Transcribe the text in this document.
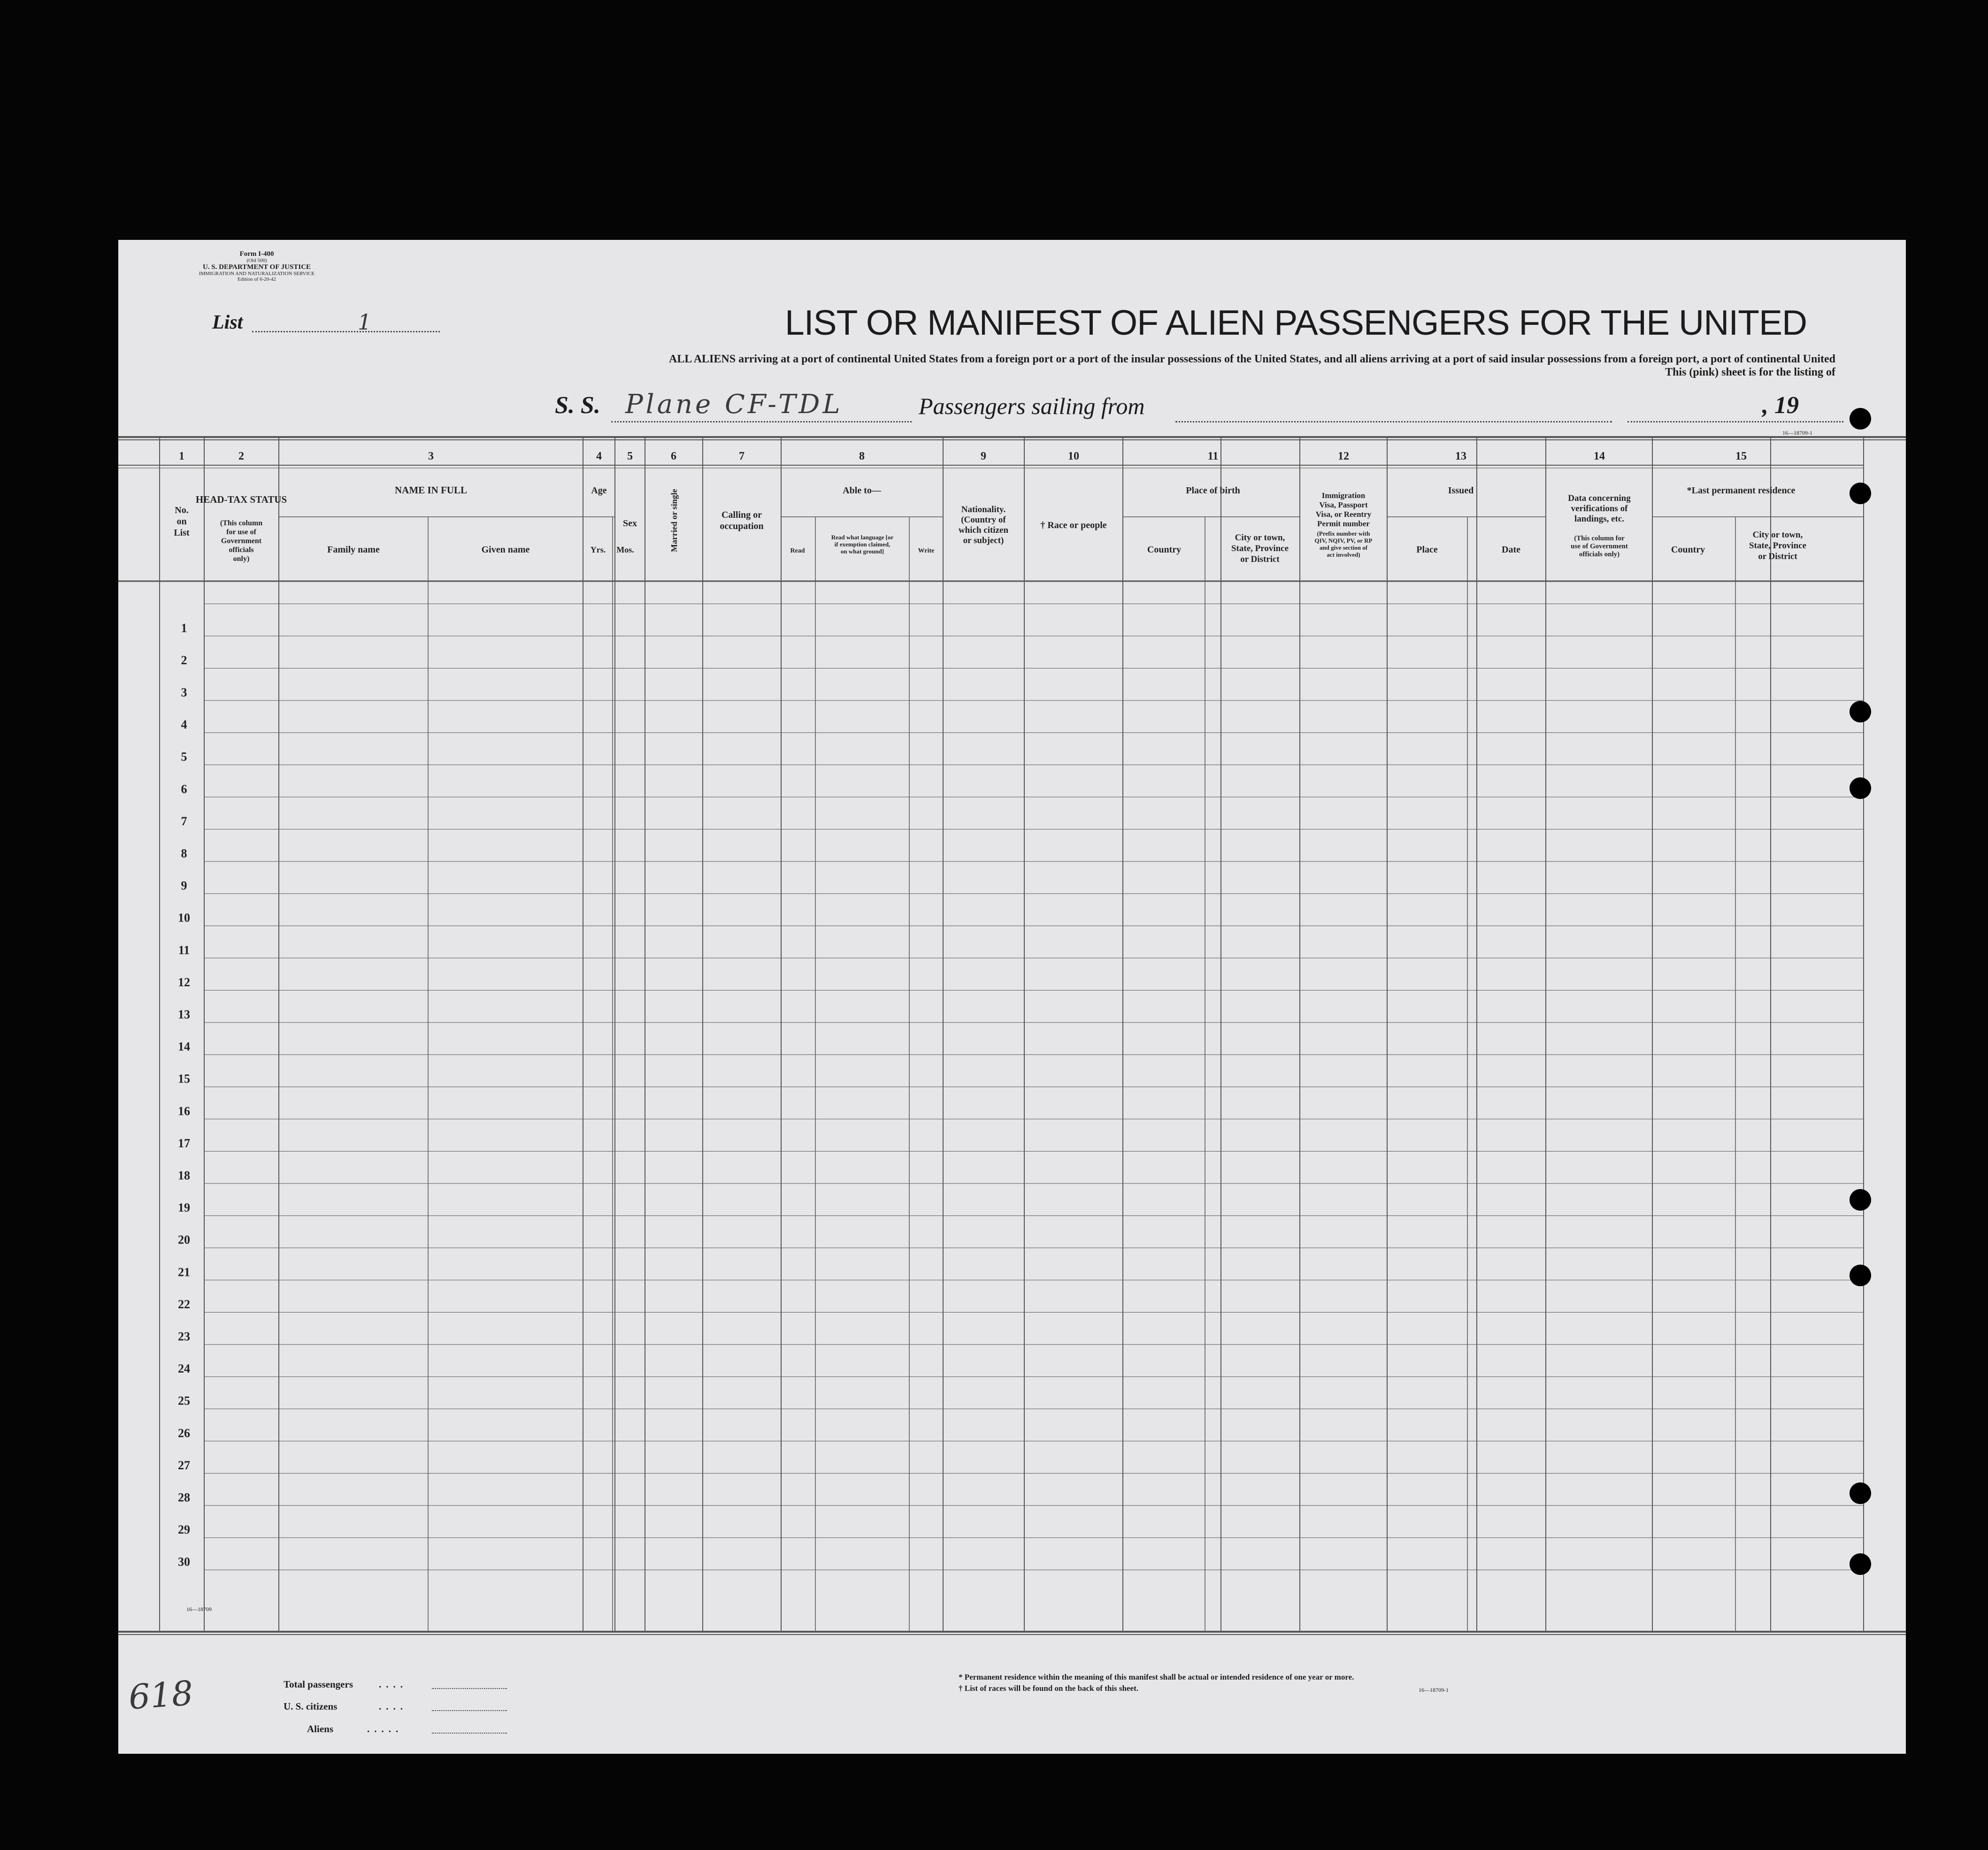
Form I-400
(Old 500)
U. S. DEPARTMENT OF JUSTICE
IMMIGRATION AND NATURALIZATION SERVICE
Edition of 6-20-42
List	1	LIST OR MANIFEST OF ALIEN PASSENGERS FOR THE UNITED
ALL ALIENS arriving at a port of continental United States from a foreign port or a port of the insular possessions of the United States, and all aliens arriving at a port of said insular possessions from a foreign port, a port of continental United
This (pink) sheet is for the listing of
S. S. Plane CF-TDL	Passengers sailing from	, 19
16—18709-1
1	2	3	4 5	6	7	8	9	10	11	12	13	14	15
No.
on
List
HEAD-TAX STATUS
(This column
for use of
Government
officials
only)
NAME IN FULL
Family name	Given name
Age
Yrs. Mos.
Sex	Married or single	Calling or
occupation
Able to—
Read
Read what language [or
if exemption claimed,
on what ground]	Write
Nationality.
(Country of
which citizen
or subject)
† Race or people
Place of birth
Country
City or town,
State, Province
or District
Immigration
Visa, Passport
Visa, or Reentry
Permit number
(Prefix number with
QIV, NQIV, PV, or RP
and give section of
act involved)
Issued
Place	Date
Data concerning
verifications of
landings, etc.
(This column for
use of Government
officials only)
*Last permanent residence
Country
City or town,
State, Province
or District
1
2
3
4
5
6
7
8
9
10
11
12
13
14
15
16
17
18
19
20
21
22
23
24
25
26
27
28
29
30
Total passengers
U. S. citizens
Aliens
....
....
.....
* Permanent residence within the meaning of this manifest shall be actual or intended residence of one year or more.
† List of races will be found on the back of this sheet.	16—18709-1
16—18709
618
